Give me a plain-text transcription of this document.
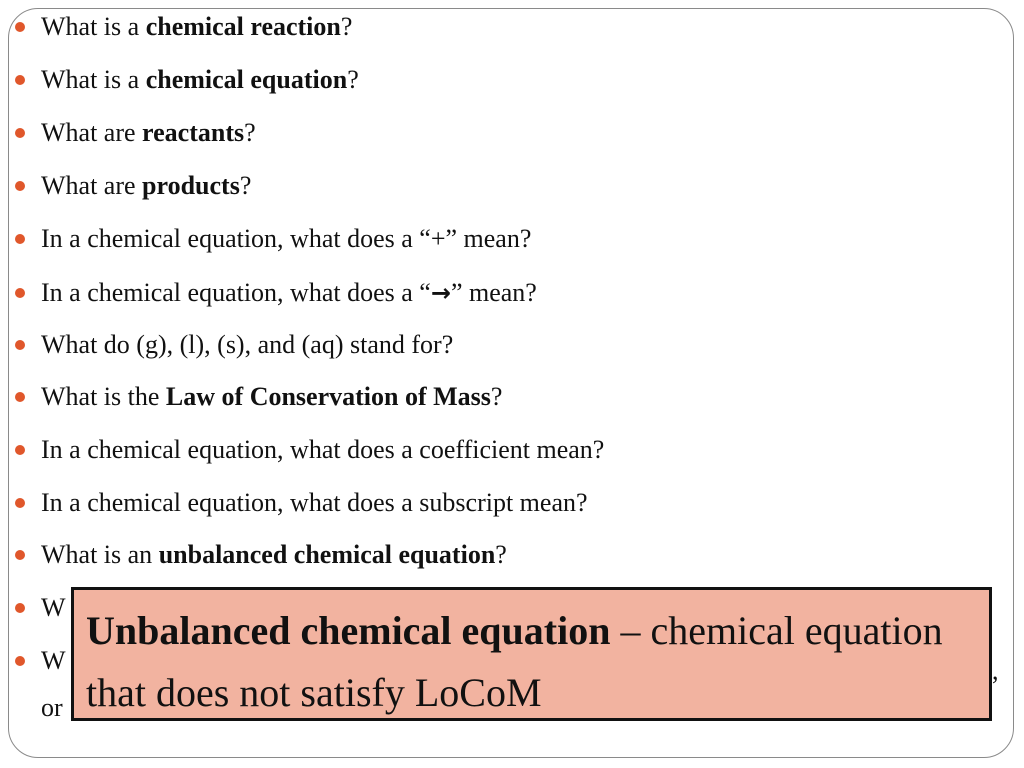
What is a chemical reaction?
What is a chemical equation?
What are reactants?
What are products?
In a chemical equation, what does a “+” mean?
In a chemical equation, what does a “→” mean?
What do (g), (l), (s), and (aq) stand for?
What is the Law of Conservation of Mass?
In a chemical equation, what does a coefficient mean?
In a chemical equation, what does a subscript mean?
What is an unbalanced chemical equation?
W
W
or
,
Unbalanced chemical equation – chemical equation that does not satisfy LoCoM
